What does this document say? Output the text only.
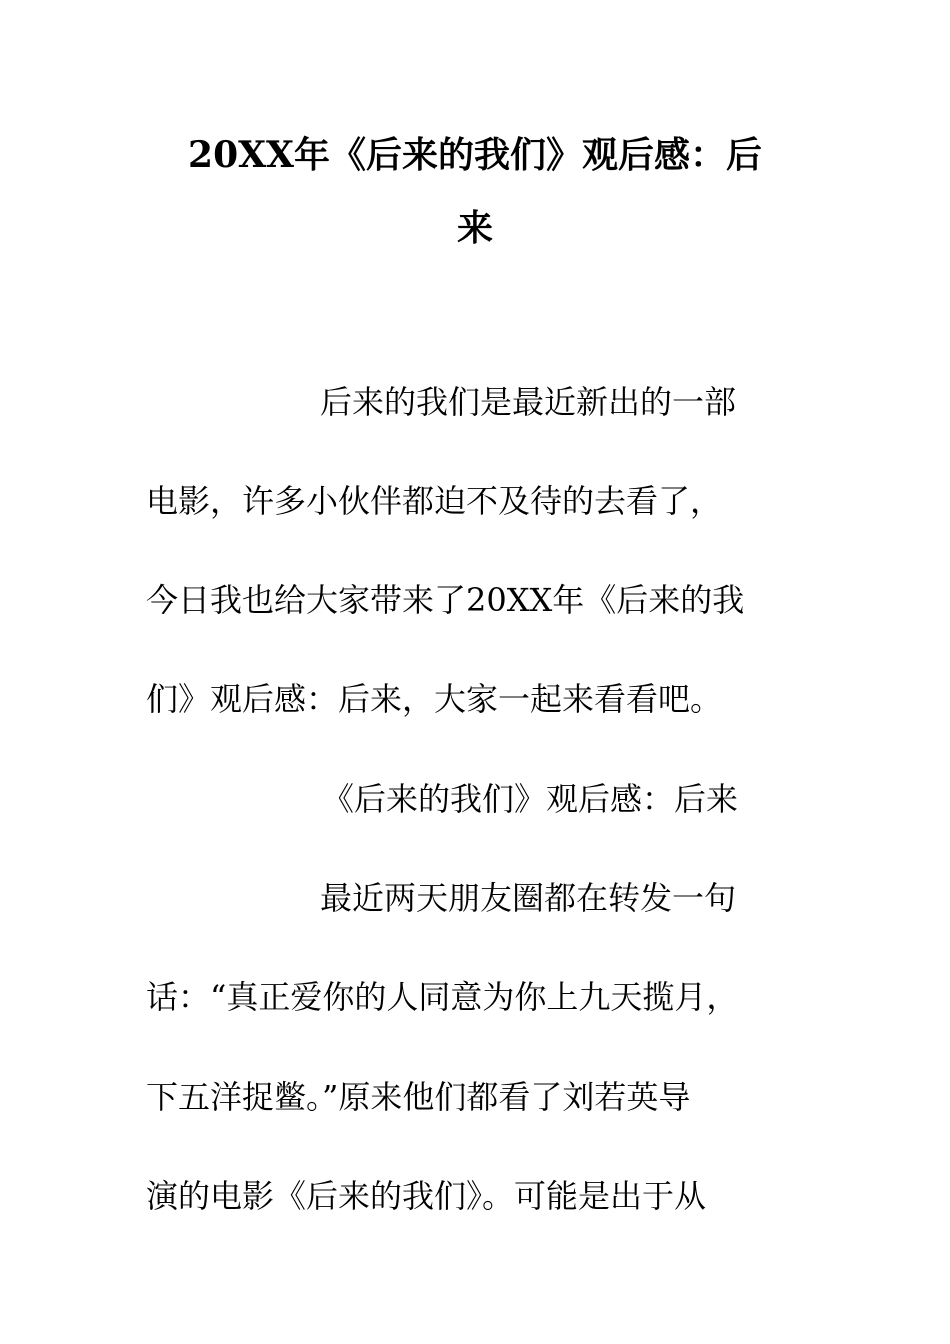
20XX年《后来的我们》观后感：后
来
后来的我们是最近新出的一部
电影，许多小伙伴都迫不及待的去看了，
今日我也给大家带来了20XX年《后来的我
们》观后感：后来，大家一起来看看吧。
《后来的我们》观后感：后来
最近两天朋友圈都在转发一句
话：“真正爱你的人同意为你上九天揽月，
下五洋捉鳖。”原来他们都看了刘若英导
演的电影《后来的我们》。可能是出于从
